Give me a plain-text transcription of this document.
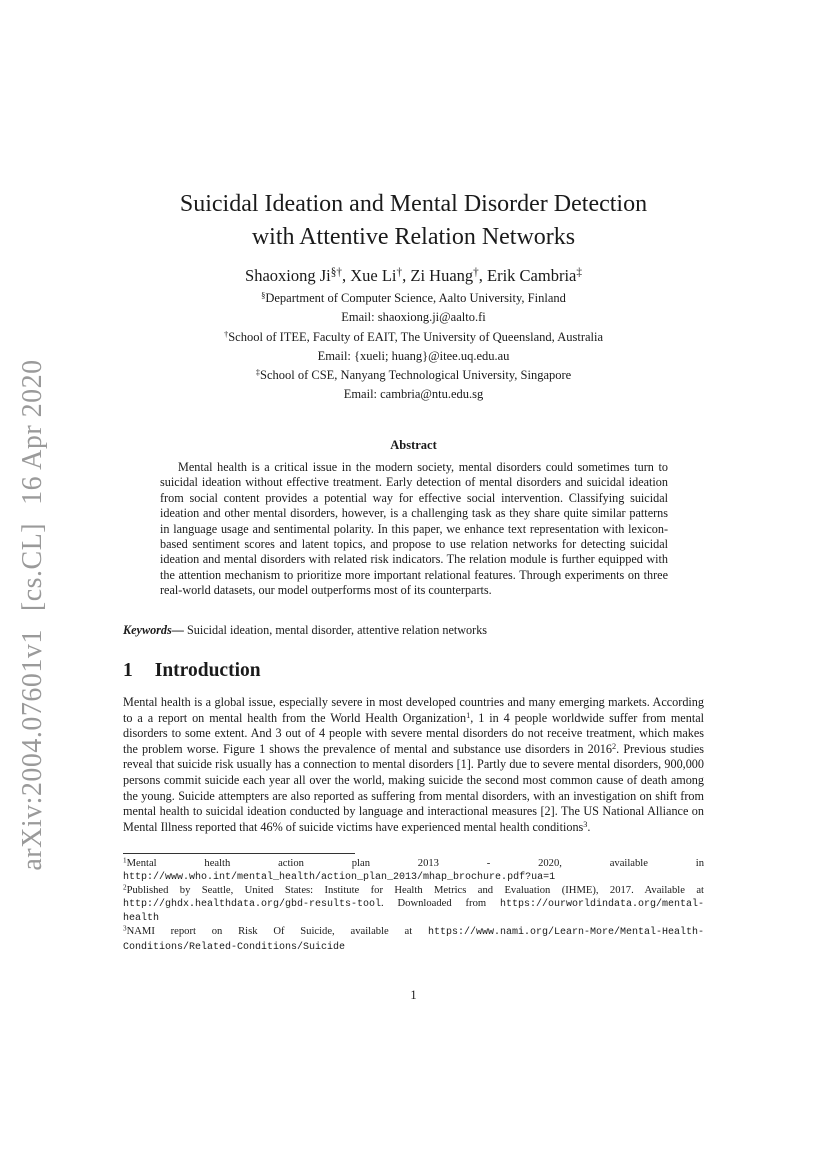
arXiv:2004.07601v1
[cs.CL]
16 Apr 2020
Suicidal Ideation and Mental Disorder Detection
with Attentive Relation Networks
Shaoxiong Ji§†, Xue Li†, Zi Huang†, Erik Cambria‡
§Department of Computer Science, Aalto University, Finland
Email: shaoxiong.ji@aalto.fi
†School of ITEE, Faculty of EAIT, The University of Queensland, Australia
Email: {xueli; huang}@itee.uq.edu.au
‡School of CSE, Nanyang Technological University, Singapore
Email: cambria@ntu.edu.sg
Abstract
Mental health is a critical issue in the modern society, mental disorders could sometimes turn to suicidal ideation without effective treatment. Early detection of mental disorders and suicidal ideation from social content provides a potential way for effective social intervention. Classifying suicidal ideation and other mental disorders, however, is a challenging task as they share quite similar patterns in language usage and sentimental polarity. In this paper, we enhance text representation with lexicon-based sentiment scores and latent topics, and propose to use relation networks for detecting suicidal ideation and mental disorders with related risk indicators. The relation module is further equipped with the attention mechanism to prioritize more important relational features. Through experiments on three real-world datasets, our model outperforms most of its counterparts.
Keywords— Suicidal ideation, mental disorder, attentive relation networks
1 Introduction
Mental health is a global issue, especially severe in most developed countries and many emerging markets. According to a a report on mental health from the World Health Organization$^1$, 1 in 4 people worldwide suffer from mental disorders to some extent. And 3 out of 4 people with severe mental disorders do not receive treatment, which makes the problem worse. Figure 1 shows the prevalence of mental and substance use disorders in 2016$^2$. Previous studies reveal that suicide risk usually has a connection to mental disorders [1]. Partly due to severe mental disorders, 900,000 persons commit suicide each year all over the world, making suicide the second most common cause of death among the young. Suicide attempters are also reported as suffering from mental disorders, with an investigation on shift from mental health to suicidal ideation conducted by language and interactional measures [2]. The US National Alliance on Mental Illness reported that 46% of suicide victims have experienced mental health conditions$^3$.
$^1$Mental health action plan 2013 - 2020, available in http://www.who.int/mental_health/action_plan_2013/mhap_brochure.pdf?ua=1
$^2$Published by Seattle, United States: Institute for Health Metrics and Evaluation (IHME), 2017. Available at http://ghdx.healthdata.org/gbd-results-tool. Downloaded from https://ourworldindata.org/mental-health
$^3$NAMI report on Risk Of Suicide, available at https://www.nami.org/Learn-More/Mental-Health-Conditions/Related-Conditions/Suicide
1
